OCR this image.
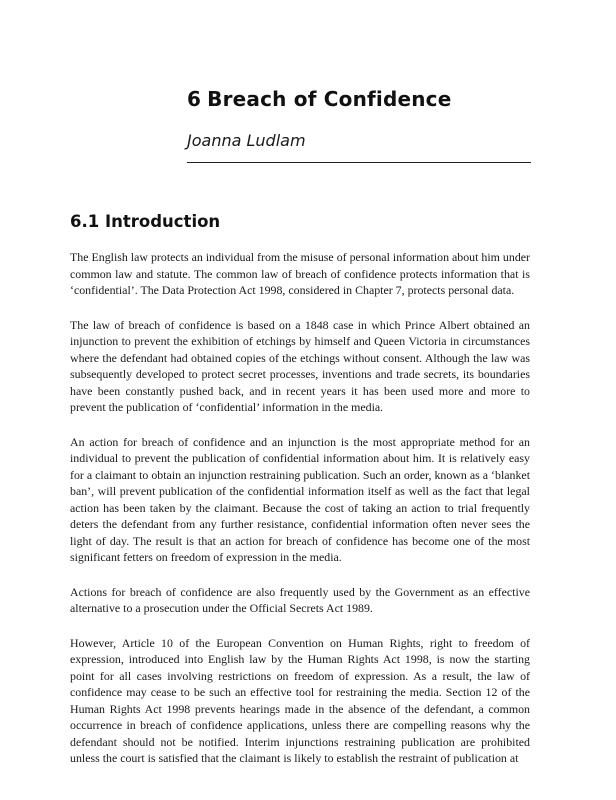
6 Breach of Confidence
Joanna Ludlam
6.1 Introduction

The English law protects an individual from the misuse of personal information about him under common law and statute. The common law of breach of confidence protects information that is ‘confidential’. The Data Protection Act 1998, considered in Chapter 7, protects personal data.

The law of breach of confidence is based on a 1848 case in which Prince Albert obtained an injunction to prevent the exhibition of etchings by himself and Queen Victoria in circumstances where the defendant had obtained copies of the etchings without consent. Although the law was subsequently developed to protect secret processes, inventions and trade secrets, its boundaries have been constantly pushed back, and in recent years it has been used more and more to prevent the publication of ‘confidential’ information in the media.

An action for breach of confidence and an injunction is the most appropriate method for an individual to prevent the publication of confidential information about him. It is relatively easy for a claimant to obtain an injunction restraining publication. Such an order, known as a ‘blanket ban’, will prevent publication of the confidential information itself as well as the fact that legal action has been taken by the claimant. Because the cost of taking an action to trial frequently deters the defendant from any further resistance, confidential information often never sees the light of day. The result is that an action for breach of confidence has become one of the most significant fetters on freedom of expression in the media.

Actions for breach of confidence are also frequently used by the Government as an effective alternative to a prosecution under the Official Secrets Act 1989.

However, Article 10 of the European Convention on Human Rights, right to freedom of expression, introduced into English law by the Human Rights Act 1998, is now the starting point for all cases involving restrictions on freedom of expression. As a result, the law of confidence may cease to be such an effective tool for restraining the media. Section 12 of the Human Rights Act 1998 prevents hearings made in the absence of the defendant, a common occurrence in breach of confidence applications, unless there are compelling reasons why the defendant should not be notified. Interim injunctions restraining publication are prohibited unless the court is satisfied that the claimant is likely to establish the restraint of publication at
